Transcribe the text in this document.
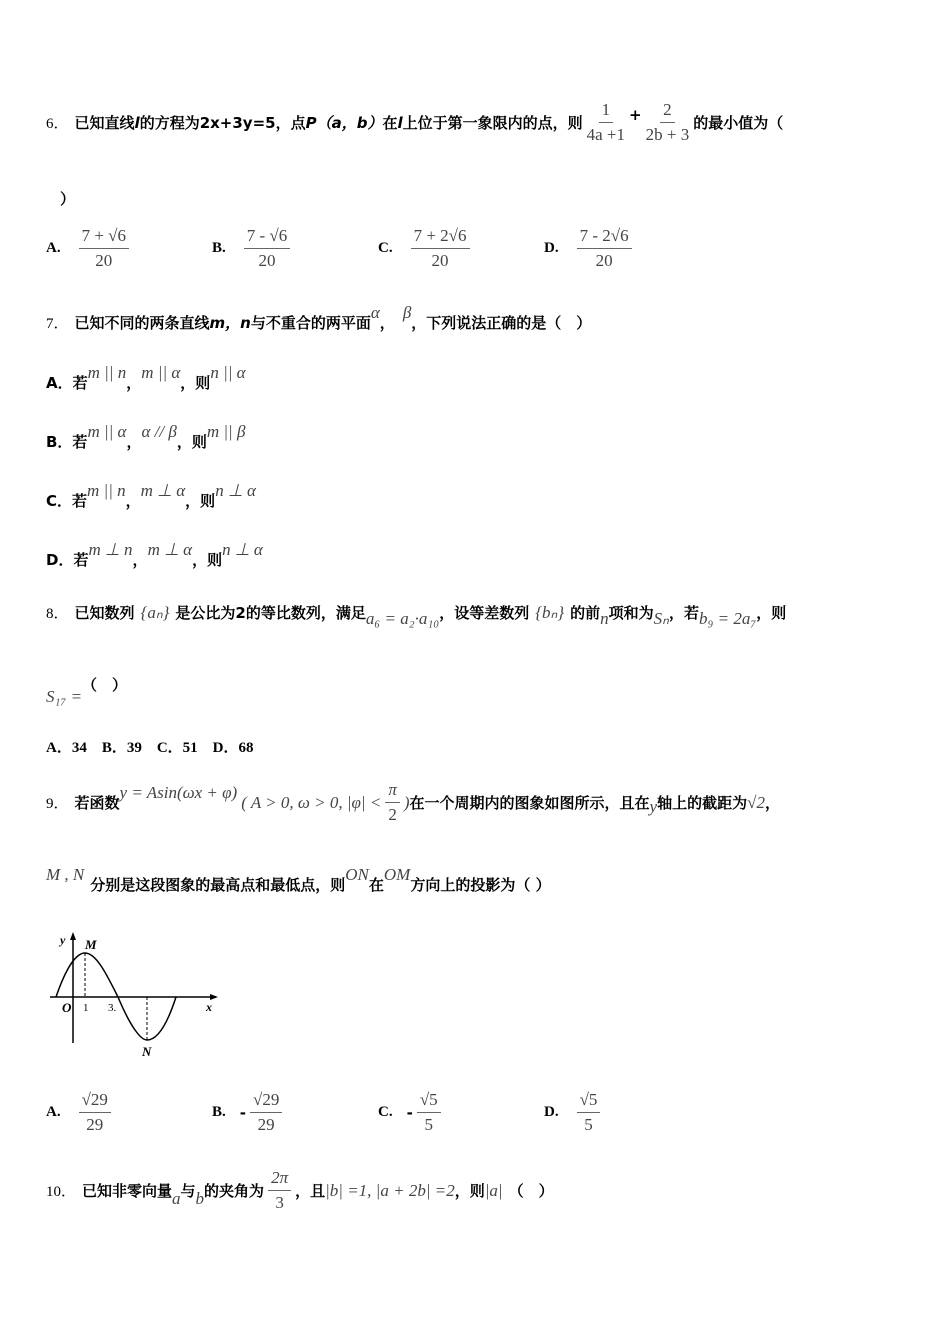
6． 已知直线 l 的方程为2x+3y=5，点 P（a，b） 在 l 上位于第一象限内的点，则 $\frac{1}{4a +1} + \frac{2}{2b + 3}$ 的最小值为（
）
A. $\frac{7 + √6}{20}$	B. $\frac{7 - √6}{20}$	C. $\frac{7 + 2√6}{20}$	D. $\frac{7 - 2√6}{20}$
7． 已知不同的两条直线 m，n 与不重合的两平面
α
，
β
，下列说法正确的是（　）
A．若
m || n
，
m || α
，则
n || α
B．若
m || α
，
α // β
，则
m || β
C．若
m || n
，
m ⊥ α
，则
n ⊥ α
D．若
m ⊥ n
，
m ⊥ α
，则
n ⊥ α
8． 已知数列 {aₙ} 是公比为2的等比数列，满足 a₆ = a₂·a₁₀ ，设等差数列 {bₙ} 的前 n 项和为 Sₙ ，若 b₉ = 2a₇ ，则
S₁₇ =
（　）
A．34　B．39　C．51　D．68
9． 若函数
y = Asin(ωx + φ)
( A > 0, ω > 0, |φ| <
π
2
) 在一个周期内的图象如图所示，且在 y 轴上的截距为 √2 ，
M , N
分别是这段图象的最高点和最低点，则
ON
在
OM
方向上的投影为（ ）
y
x
O 1 3.
M
N
A. $\frac{√29}{29}$	B. - $\frac{√29}{29}$	C. - $\frac{√5}{5}$	D. $\frac{√5}{5}$
10． 已知非零向量 a 与 b 的夹角为 $\frac{2\pi}{3}$ ，且 |b| =1, |a + 2b| =2 ，则 |a| （　）
